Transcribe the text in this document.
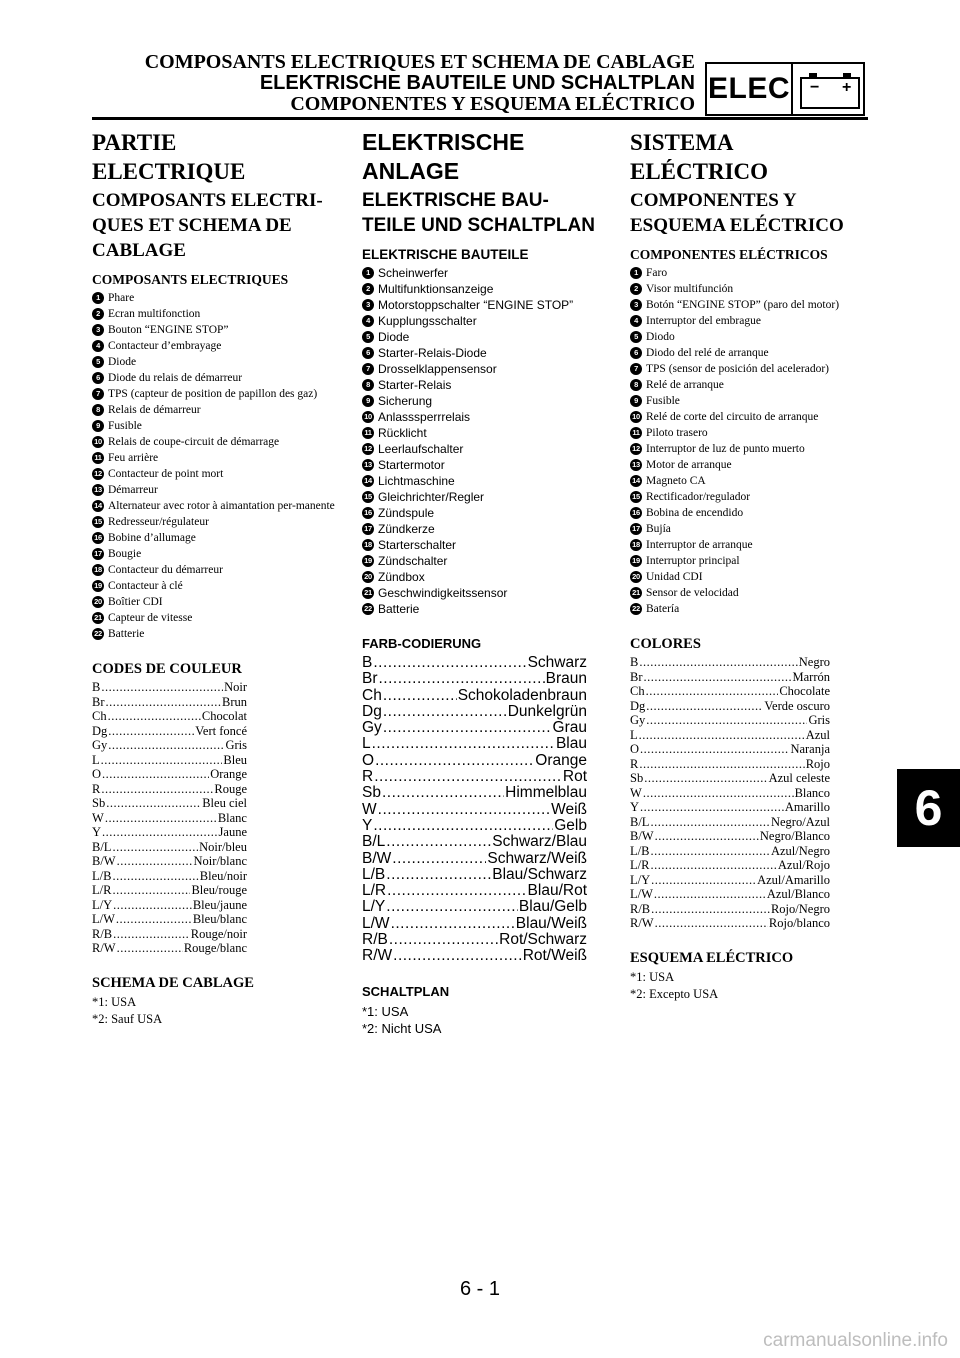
COMPOSANTS ELECTRIQUES ET SCHEMA DE CABLAGE
ELEKTRISCHE BAUTEILE UND SCHALTPLAN
COMPONENTES Y ESQUEMA ELÉCTRICO ELEC − +
PARTIE
ELECTRIQUE
COMPOSANTS ELECTRI-
QUES ET SCHEMA DE
CABLAGE
COMPOSANTS ELECTRIQUES
1 Phare
2 Ecran multifonction
3 Bouton “ENGINE STOP”
4 Contacteur d’embrayage
5 Diode
6 Diode du relais de démarreur
7 TPS (capteur de position de papillon des gaz)
8 Relais de démarreur
9 Fusible
10 Relais de coupe-circuit de démarrage
11 Feu arrière
12 Contacteur de point mort
13 Démarreur
14 Alternateur avec rotor à aimantation per-manente
15 Redresseur/régulateur
16 Bobine d’allumage
17 Bougie
18 Contacteur du démarreur
19 Contacteur à clé
20 Boîtier CDI
21 Capteur de vitesse
22 Batterie
CODES DE COULEUR
B .....	Noir
Br .....	Brun
Ch .....	Chocolat
Dg .....	Vert foncé
Gy .....	Gris
L .....	Bleu
O .....	Orange
R .....	Rouge
Sb .....	Bleu ciel
W .....	Blanc
Y .....	Jaune
B/L .....	Noir/bleu
B/W .....	Noir/blanc
L/B .....	Bleu/noir
L/R .....	Bleu/rouge
L/Y .....	Bleu/jaune
L/W .....	Bleu/blanc
R/B .....	Rouge/noir
R/W .....	Rouge/blanc
SCHEMA DE CABLAGE
*1: USA
*2: Sauf USA
ELEKTRISCHE
ANLAGE
ELEKTRISCHE BAU-
TEILE UND SCHALTPLAN
ELEKTRISCHE BAUTEILE
1 Scheinwerfer
2 Multifunktionsanzeige
3 Motorstoppschalter “ENGINE STOP”
4 Kupplungsschalter
5 Diode
6 Starter-Relais-Diode
7 Drosselklappensensor
8 Starter-Relais
9 Sicherung
10 Anlasssperrrelais
11 Rücklicht
12 Leerlaufschalter
13 Startermotor
14 Lichtmaschine
15 Gleichrichter/Regler
16 Zündspule
17 Zündkerze
18 Starterschalter
19 Zündschalter
20 Zündbox
21 Geschwindigkeitssensor
22 Batterie
FARB-CODIERUNG
B .....	Schwarz
Br .....	Braun
Ch .....	Schokoladenbraun
Dg .....	Dunkelgrün
Gy .....	Grau
L .....	Blau
O .....	Orange
R .....	Rot
Sb .....	Himmelblau
W .....	Weiß
Y .....	Gelb
B/L .....	Schwarz/Blau
B/W .....	Schwarz/Weiß
L/B .....	Blau/Schwarz
L/R .....	Blau/Rot
L/Y .....	Blau/Gelb
L/W .....	Blau/Weiß
R/B .....	Rot/Schwarz
R/W .....	Rot/Weiß
SCHALTPLAN
*1: USA
*2: Nicht USA
SISTEMA
ELÉCTRICO
COMPONENTES Y
ESQUEMA ELÉCTRICO
COMPONENTES ELÉCTRICOS
1 Faro
2 Visor multifunción
3 Botón “ENGINE STOP” (paro del motor)
4 Interruptor del embrague
5 Diodo
6 Diodo del relé de arranque
7 TPS (sensor de posición del acelerador)
8 Relé de arranque
9 Fusible
10 Relé de corte del circuito de arranque
11 Piloto trasero
12 Interruptor de luz de punto muerto
13 Motor de arranque
14 Magneto CA
15 Rectificador/regulador
16 Bobina de encendido
17 Bujía
18 Interruptor de arranque
19 Interruptor principal
20 Unidad CDI
21 Sensor de velocidad
22 Batería
COLORES
B .....	Negro
Br .....	Marrón
Ch .....	Chocolate
Dg .....	Verde oscuro
Gy .....	Gris
L .....	Azul
O .....	Naranja
R .....	Rojo
Sb .....	Azul celeste
W .....	Blanco
Y .....	Amarillo
B/L .....	Negro/Azul
B/W .....	Negro/Blanco
L/B .....	Azul/Negro
L/R .....	Azul/Rojo
L/Y .....	Azul/Amarillo
L/W .....	Azul/Blanco
R/B .....	Rojo/Negro
R/W .....	Rojo/blanco
ESQUEMA ELÉCTRICO
*1: USA
*2: Excepto USA
6
6 - 1
carmanualsonline.info
